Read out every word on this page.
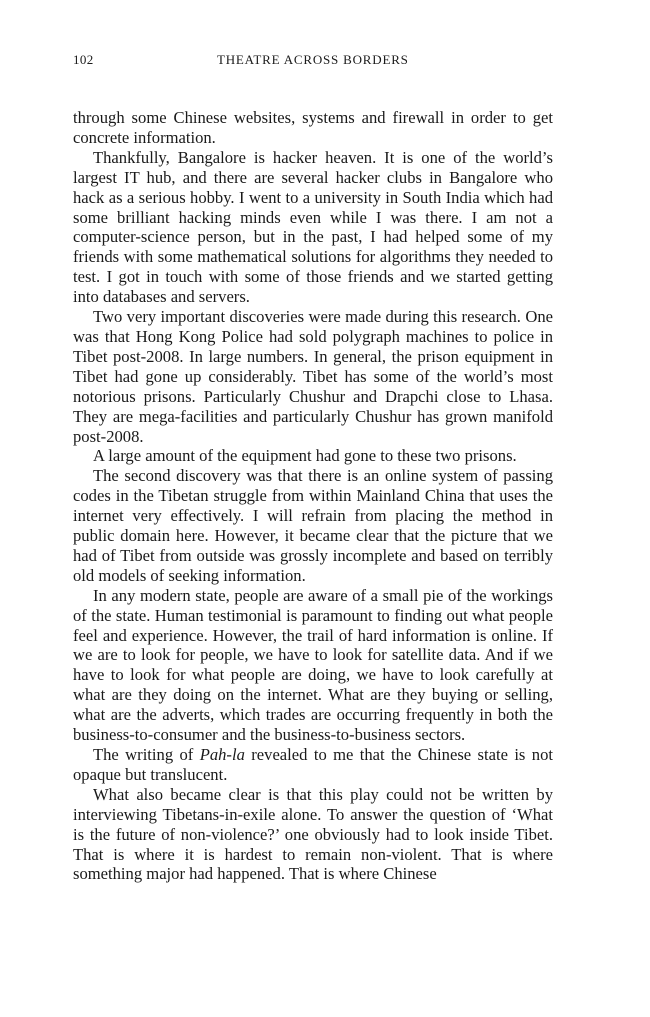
102	THEATRE ACROSS BORDERS

through some Chinese websites, systems and firewall in order to get concrete information.

Thankfully, Bangalore is hacker heaven. It is one of the world’s largest IT hub, and there are several hacker clubs in Bangalore who hack as a serious hobby. I went to a university in South India which had some brilliant hacking minds even while I was there. I am not a computer-science person, but in the past, I had helped some of my friends with some mathematical solutions for algorithms they needed to test. I got in touch with some of those friends and we started getting into databases and servers.

Two very important discoveries were made during this research. One was that Hong Kong Police had sold polygraph machines to police in Tibet post-2008. In large numbers. In general, the prison equipment in Tibet had gone up considerably. Tibet has some of the world’s most notorious prisons. Particularly Chushur and Drapchi close to Lhasa. They are mega-facilities and particularly Chushur has grown manifold post-2008.

A large amount of the equipment had gone to these two prisons.

The second discovery was that there is an online system of passing codes in the Tibetan struggle from within Mainland China that uses the internet very effectively. I will refrain from placing the method in public domain here. However, it became clear that the picture that we had of Tibet from outside was grossly incomplete and based on terribly old models of seeking information.

In any modern state, people are aware of a small pie of the workings of the state. Human testimonial is paramount to finding out what people feel and experience. However, the trail of hard information is online. If we are to look for people, we have to look for satellite data. And if we have to look for what people are doing, we have to look carefully at what are they doing on the internet. What are they buying or selling, what are the adverts, which trades are occurring frequently in both the business-to-consumer and the business-to-business sectors.

The writing of Pah-la revealed to me that the Chinese state is not opaque but translucent.

What also became clear is that this play could not be written by interviewing Tibetans-in-exile alone. To answer the question of ‘What is the future of non-violence?’ one obviously had to look inside Tibet. That is where it is hardest to remain non-violent. That is where something major had happened. That is where Chinese
